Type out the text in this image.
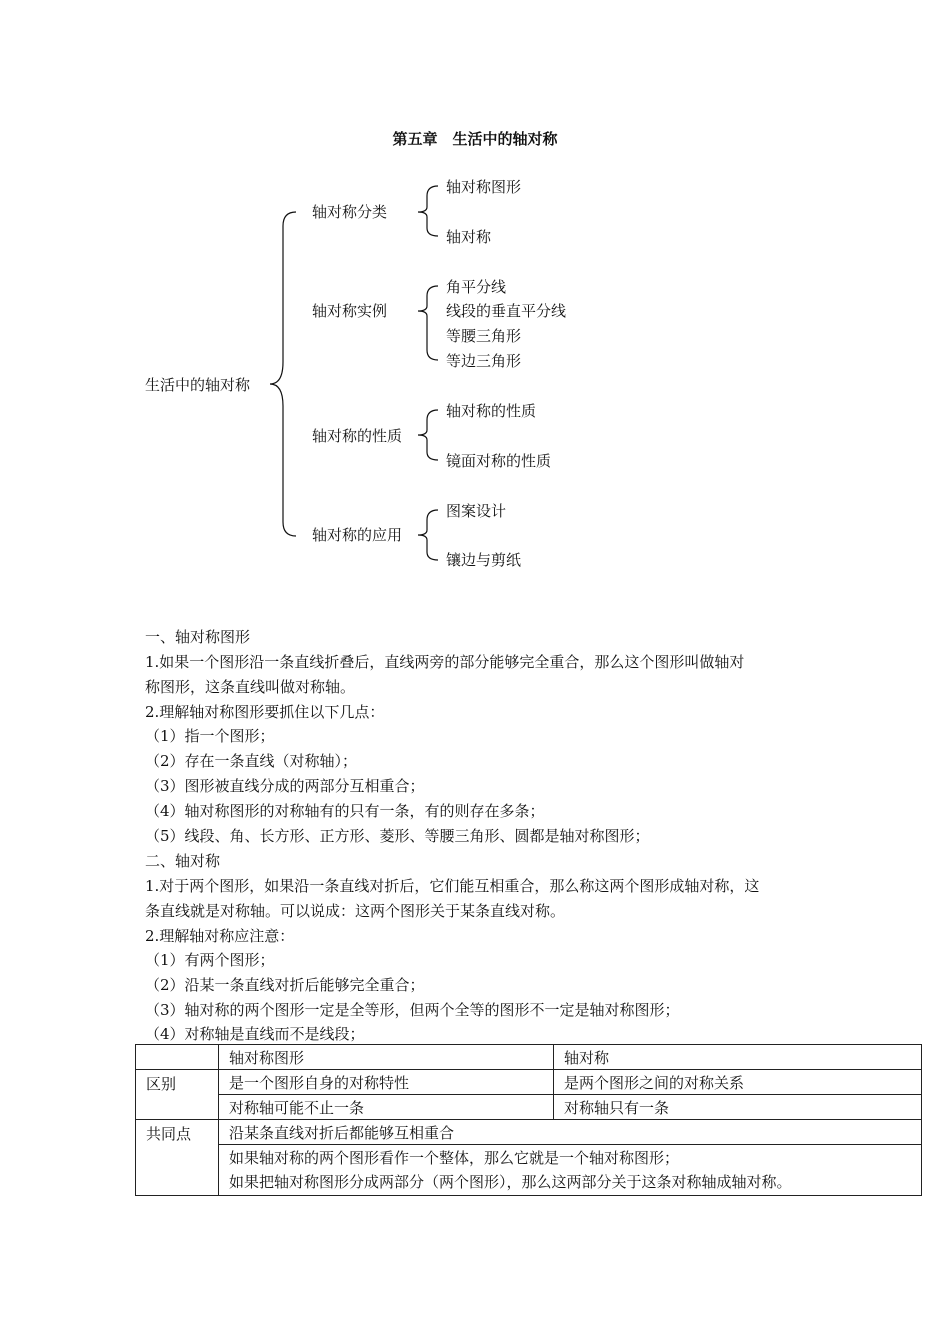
第五章　生活中的轴对称
生活中的轴对称
轴对称分类
轴对称图形
轴对称
轴对称实例
角平分线
线段的垂直平分线
等腰三角形
等边三角形
轴对称的性质
轴对称的性质
镜面对称的性质
轴对称的应用
图案设计
镶边与剪纸
一、轴对称图形
1.如果一个图形沿一条直线折叠后，直线两旁的部分能够完全重合，那么这个图形叫做轴对
称图形，这条直线叫做对称轴。
2.理解轴对称图形要抓住以下几点：
（1）指一个图形；
（2）存在一条直线（对称轴）；
（3）图形被直线分成的两部分互相重合；
（4）轴对称图形的对称轴有的只有一条，有的则存在多条；
（5）线段、角、长方形、正方形、菱形、等腰三角形、圆都是轴对称图形；
二、轴对称
1.对于两个图形，如果沿一条直线对折后，它们能互相重合，那么称这两个图形成轴对称，这
条直线就是对称轴。可以说成：这两个图形关于某条直线对称。
2.理解轴对称应注意：
（1）有两个图形；
（2）沿某一条直线对折后能够完全重合；
（3）轴对称的两个图形一定是全等形，但两个全等的图形不一定是轴对称图形；
（4）对称轴是直线而不是线段；
	轴对称图形	轴对称
区别	是一个图形自身的对称特性	是两个图形之间的对称关系
	对称轴可能不止一条	对称轴只有一条
共同点	沿某条直线对折后都能够互相重合	

	如果轴对称的两个图形看作一个整体，那么它就是一个轴对称图形；
如果把轴对称图形分成两部分（两个图形），那么这两部分关于这条对称轴成轴对称。	
